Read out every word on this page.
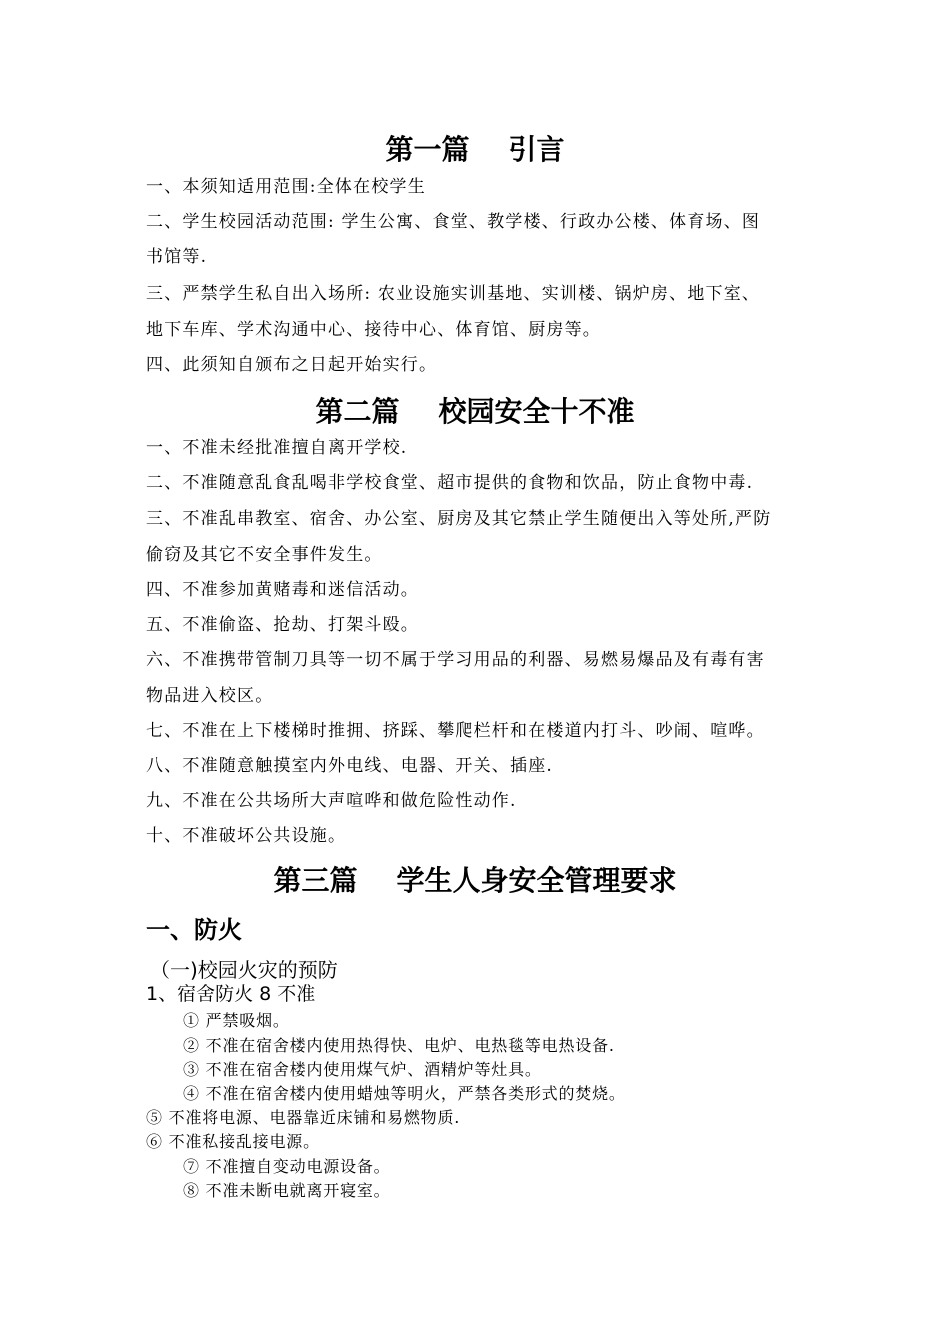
第一篇    引言
一、本须知适用范围:全体在校学生
二、学生校园活动范围: 学生公寓、食堂、教学楼、行政办公楼、体育场、图
书馆等.
三、严禁学生私自出入场所: 农业设施实训基地、实训楼、锅炉房、地下室、
地下车库、学术沟通中心、接待中心、体育馆、厨房等。
四、此须知自颁布之日起开始实行。
第二篇    校园安全十不准
一、不准未经批准擅自离开学校.
二、不准随意乱食乱喝非学校食堂、超市提供的食物和饮品，防止食物中毒.
三、不准乱串教室、宿舍、办公室、厨房及其它禁止学生随便出入等处所,严防
偷窃及其它不安全事件发生。
四、不准参加黄赌毒和迷信活动。
五、不准偷盗、抢劫、打架斗殴。
六、不准携带管制刀具等一切不属于学习用品的利器、易燃易爆品及有毒有害
物品进入校区。
七、不准在上下楼梯时推拥、挤踩、攀爬栏杆和在楼道内打斗、吵闹、喧哗。
八、不准随意触摸室内外电线、电器、开关、插座.
九、不准在公共场所大声喧哗和做危险性动作.
十、不准破坏公共设施。
第三篇    学生人身安全管理要求
一、防火
（一)校园火灾的预防
1、宿舍防火 8 不准
① 严禁吸烟。
② 不准在宿舍楼内使用热得快、电炉、电热毯等电热设备.
③ 不准在宿舍楼内使用煤气炉、酒精炉等灶具。
④ 不准在宿舍楼内使用蜡烛等明火，严禁各类形式的焚烧。
⑤ 不准将电源、电器靠近床铺和易燃物质.
⑥ 不准私接乱接电源。
⑦ 不准擅自变动电源设备。
⑧ 不准未断电就离开寝室。
